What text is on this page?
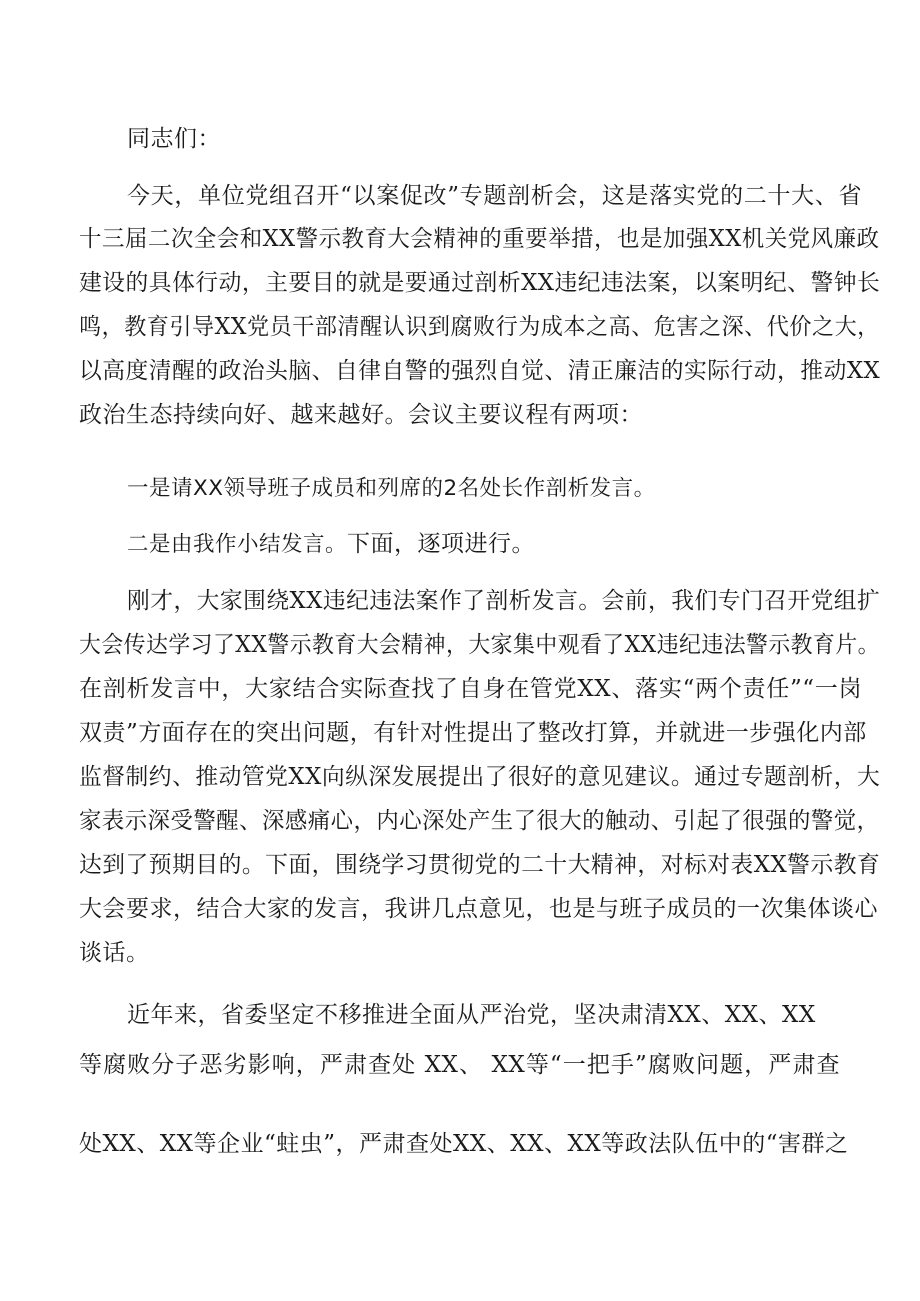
同志们：
今天，单位党组召开“以案促改”专题剖析会，这是落实党的二十大、省
十三届二次全会和XX警示教育大会精神的重要举措，也是加强XX机关党风廉政
建设的具体行动，主要目的就是要通过剖析XX违纪违法案，以案明纪、警钟长
鸣，教育引导XX党员干部清醒认识到腐败行为成本之高、危害之深、代价之大，
以高度清醒的政治头脑、自律自警的强烈自觉、清正廉洁的实际行动，推动XX
政治生态持续向好、越来越好。会议主要议程有两项：
一是请XX领导班子成员和列席的2名处长作剖析发言。
二是由我作小结发言。下面，逐项进行。
刚才，大家围绕XX违纪违法案作了剖析发言。会前，我们专门召开党组扩
大会传达学习了XX警示教育大会精神，大家集中观看了XX违纪违法警示教育片。
在剖析发言中，大家结合实际查找了自身在管党XX、落实“两个责任”“一岗
双责”方面存在的突出问题，有针对性提出了整改打算，并就进一步强化内部
监督制约、推动管党XX向纵深发展提出了很好的意见建议。通过专题剖析，大
家表示深受警醒、深感痛心，内心深处产生了很大的触动、引起了很强的警觉，
达到了预期目的。下面，围绕学习贯彻党的二十大精神，对标对表XX警示教育
大会要求，结合大家的发言，我讲几点意见，也是与班子成员的一次集体谈心
谈话。
近年来，省委坚定不移推进全面从严治党，坚决肃清XX、XX、XX
等腐败分子恶劣影响，严肃查处 XX、 XX等“一把手”腐败问题，严肃查
处XX、XX等企业“蛀虫”，严肃查处XX、XX、XX等政法队伍中的“害群之
